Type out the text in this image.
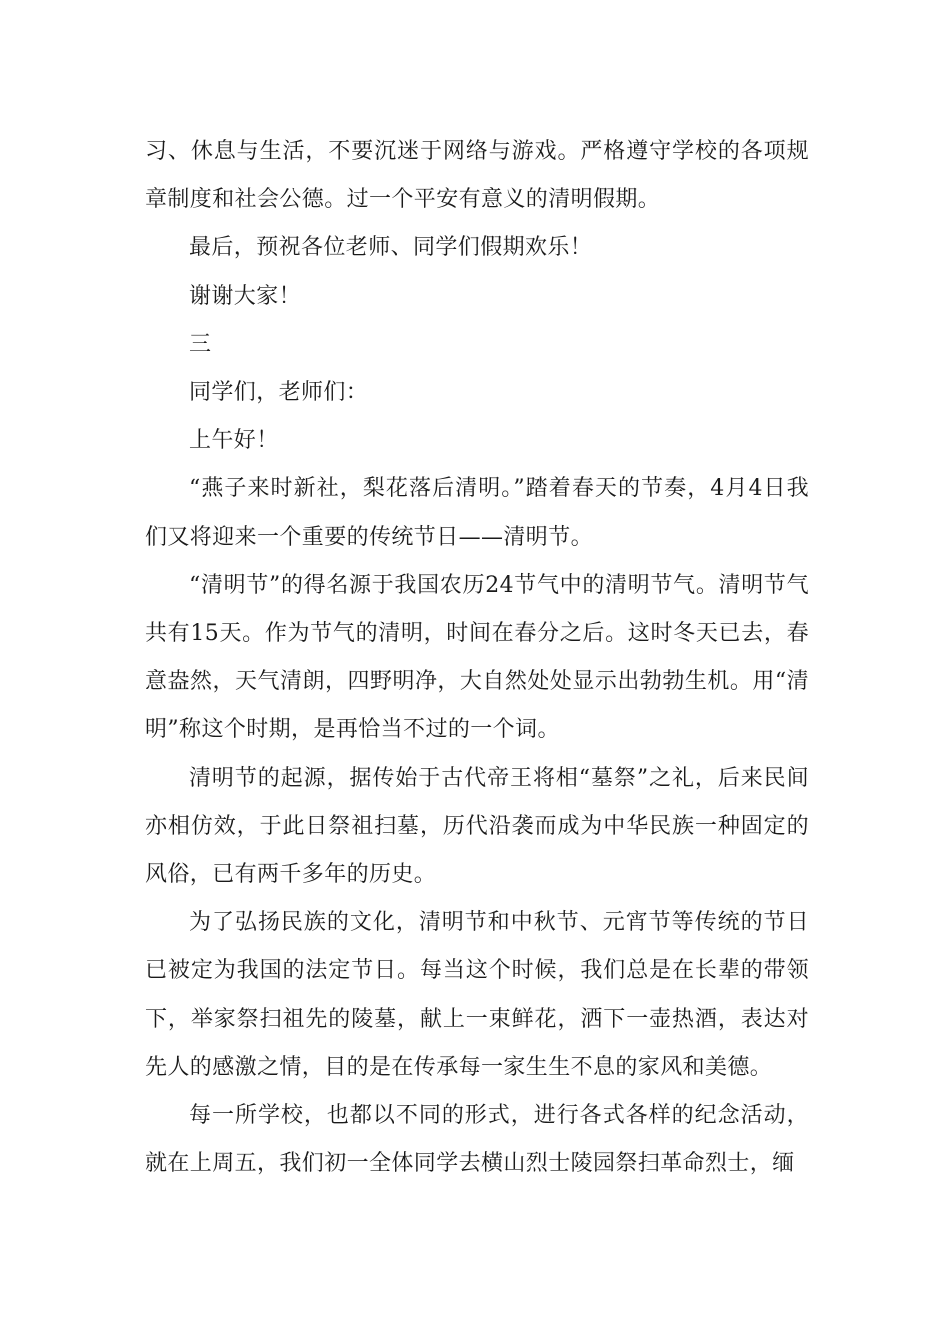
习、休息与生活，不要沉迷于网络与游戏。严格遵守学校的各项规章制度和社会公德。过一个平安有意义的清明假期。

最后，预祝各位老师、同学们假期欢乐！

谢谢大家！

三

同学们，老师们：

上午好！

“燕子来时新社，梨花落后清明。”踏着春天的节奏，4月4日我们又将迎来一个重要的传统节日——清明节。

“清明节”的得名源于我国农历24节气中的清明节气。清明节气共有15天。作为节气的清明，时间在春分之后。这时冬天已去，春意盎然，天气清朗，四野明净，大自然处处显示出勃勃生机。用“清明”称这个时期，是再恰当不过的一个词。

清明节的起源，据传始于古代帝王将相“墓祭”之礼，后来民间亦相仿效，于此日祭祖扫墓，历代沿袭而成为中华民族一种固定的风俗，已有两千多年的历史。

为了弘扬民族的文化，清明节和中秋节、元宵节等传统的节日已被定为我国的法定节日。每当这个时候，我们总是在长辈的带领下，举家祭扫祖先的陵墓，献上一束鲜花，洒下一壶热酒，表达对先人的感激之情，目的是在传承每一家生生不息的家风和美德。

每一所学校，也都以不同的形式，进行各式各样的纪念活动，就在上周五，我们初一全体同学去横山烈士陵园祭扫革命烈士，缅
